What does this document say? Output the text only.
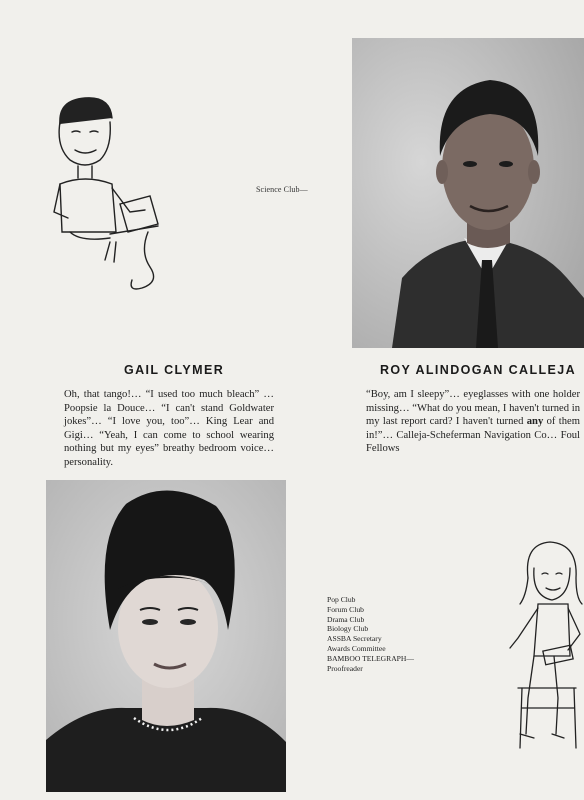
Science Club—
GAIL CLYMER	ROY ALINDOGAN CALLEJA
Oh, that tango!… “I used too much bleach” … Poopsie la Douce… “I can't stand Goldwater jokes”… “I love you, too”… King Lear and Gigi… “Yeah, I can come to school wearing nothing but my eyes” breathy bedroom voice… personality.
“Boy, am I sleepy”… eyeglasses with one holder missing… “What do you mean, I haven't turned in my last report card? I haven't turned any of them in!”… Calleja-Scheferman Navigation Co… Foul Fellows
Pop Club
Forum Club
Drama Club
Biology Club
ASSBA Secretary
Awards Committee
BAMBOO TELEGRAPH—
Proofreader
